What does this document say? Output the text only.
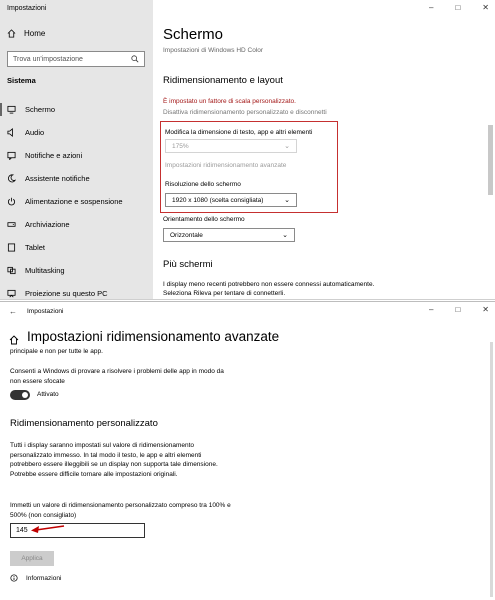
Impostazioni
Home
Trova un'impostazione
Sistema
Schermo
Audio
Notifiche e azioni
Assistente notifiche
Alimentazione e sospensione
Archiviazione
Tablet
Multitasking
Proiezione su questo PC
–	□	✕
Schermo
Impostazioni di Windows HD Color
Ridimensionamento e layout
È impostato un fattore di scala personalizzato.
Disattiva ridimensionamento personalizzato e disconnetti
Modifica la dimensione di testo, app e altri elementi
175%	⌄
Impostazioni ridimensionamento avanzate
Risoluzione dello schermo
1920 x 1080 (scelta consigliata)	⌄
Orientamento dello schermo
Orizzontale	⌄
Più schermi
I display meno recenti potrebbero non essere connessi automaticamente. Seleziona Rileva per tentare di connetterli.
← Impostazioni	–	□	✕
Impostazioni ridimensionamento avanzate
principale e non per tutte le app.
Consenti a Windows di provare a risolvere i problemi delle app in modo da non essere sfocate
Attivato
Ridimensionamento personalizzato
Tutti i display saranno impostati sul valore di ridimensionamento personalizzato immesso. In tal modo il testo, le app e altri elementi potrebbero essere illeggibili se un display non supporta tale dimensione. Potrebbe essere difficile tornare alle impostazioni originali.
Immetti un valore di ridimensionamento personalizzato compreso tra 100% e 500% (non consigliato)
145
Applica
Informazioni
